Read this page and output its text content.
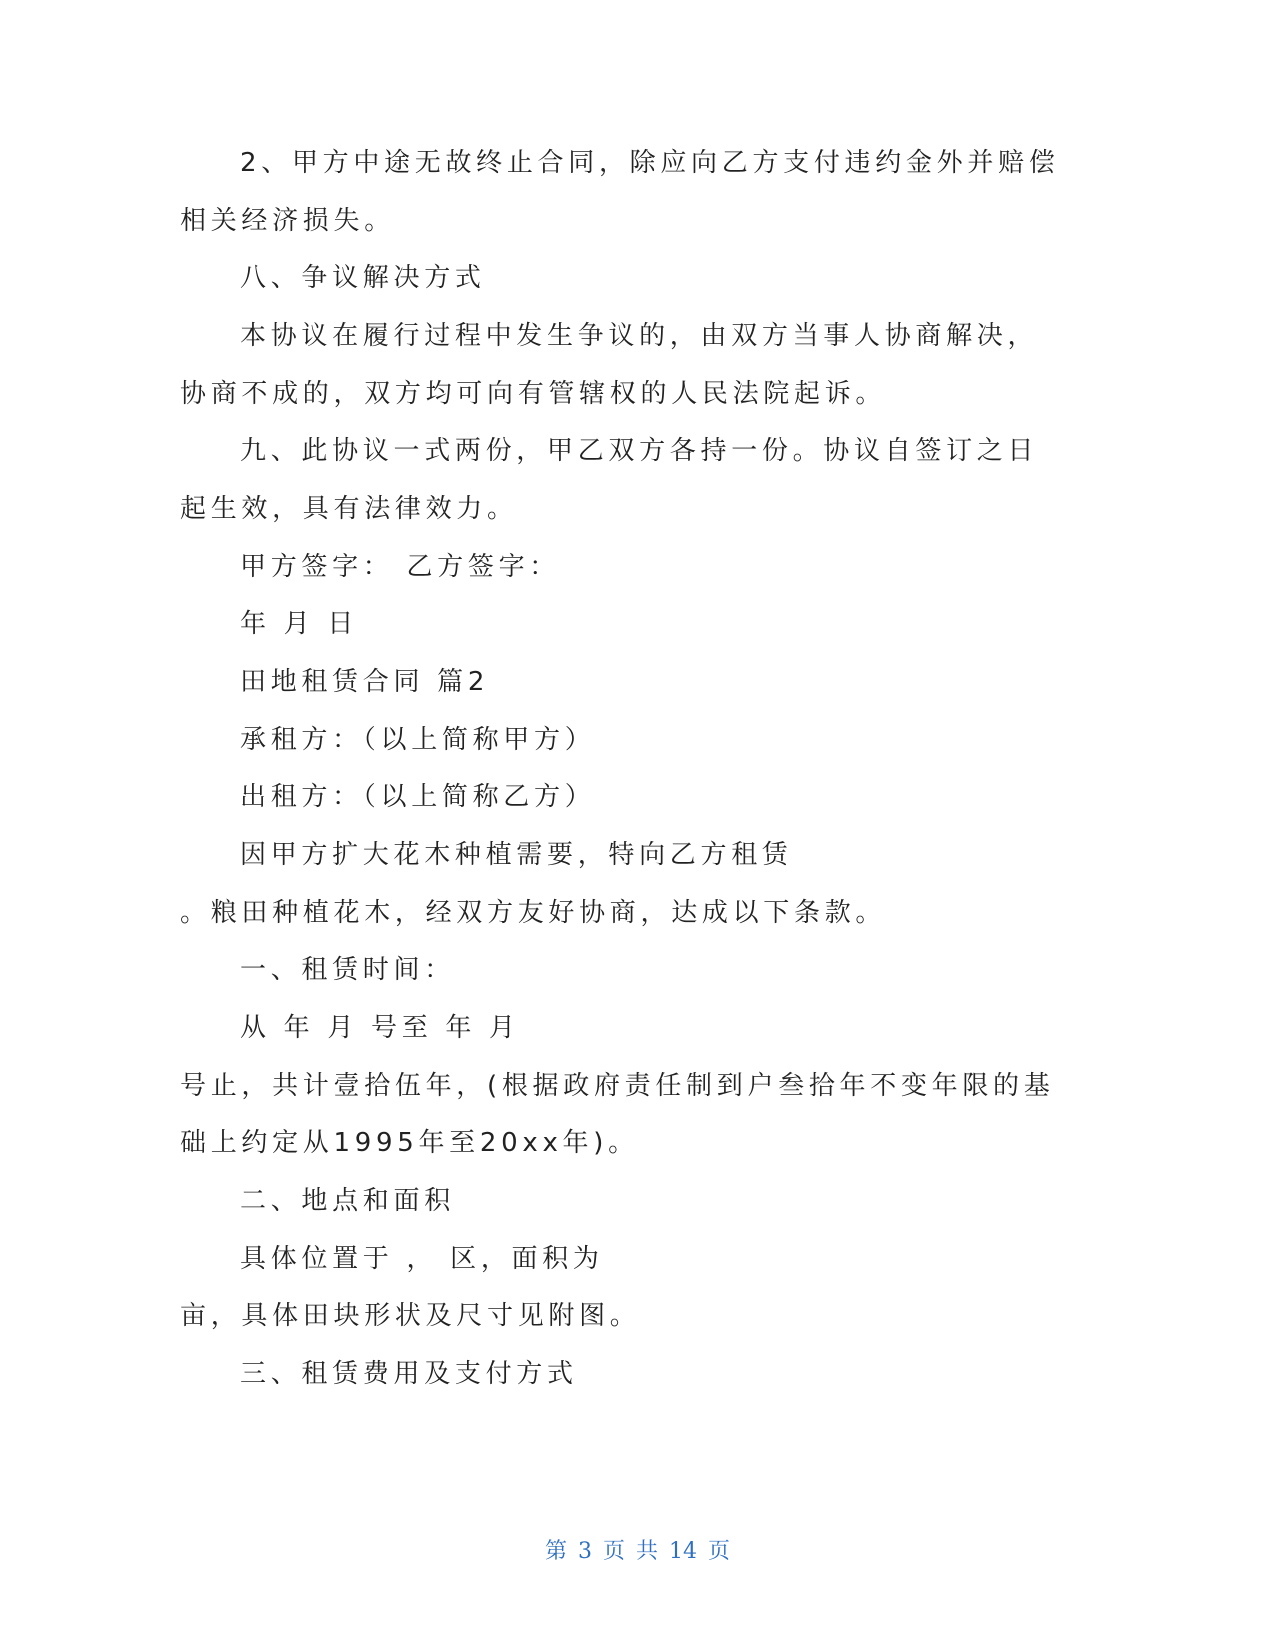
2、甲方中途无故终止合同，除应向乙方支付违约金外并赔偿
相关经济损失。
八、争议解决方式
本协议在履行过程中发生争议的，由双方当事人协商解决，
协商不成的，双方均可向有管辖权的人民法院起诉。
九、此协议一式两份，甲乙双方各持一份。协议自签订之日
起生效，具有法律效力。
甲方签字： 乙方签字：
年 月 日
田地租赁合同 篇2
承租方：（以上简称甲方）
出租方：（以上简称乙方）
因甲方扩大花木种植需要，特向乙方租赁
。粮田种植花木，经双方友好协商，达成以下条款。
一、租赁时间：
从 年 月 号至 年 月
号止，共计壹拾伍年，(根据政府责任制到户叁拾年不变年限的基
础上约定从1995年至20xx年)。
二、地点和面积
具体位置于 ， 区，面积为
亩，具体田块形状及尺寸见附图。
三、租赁费用及支付方式
第 3 页 共 14 页
